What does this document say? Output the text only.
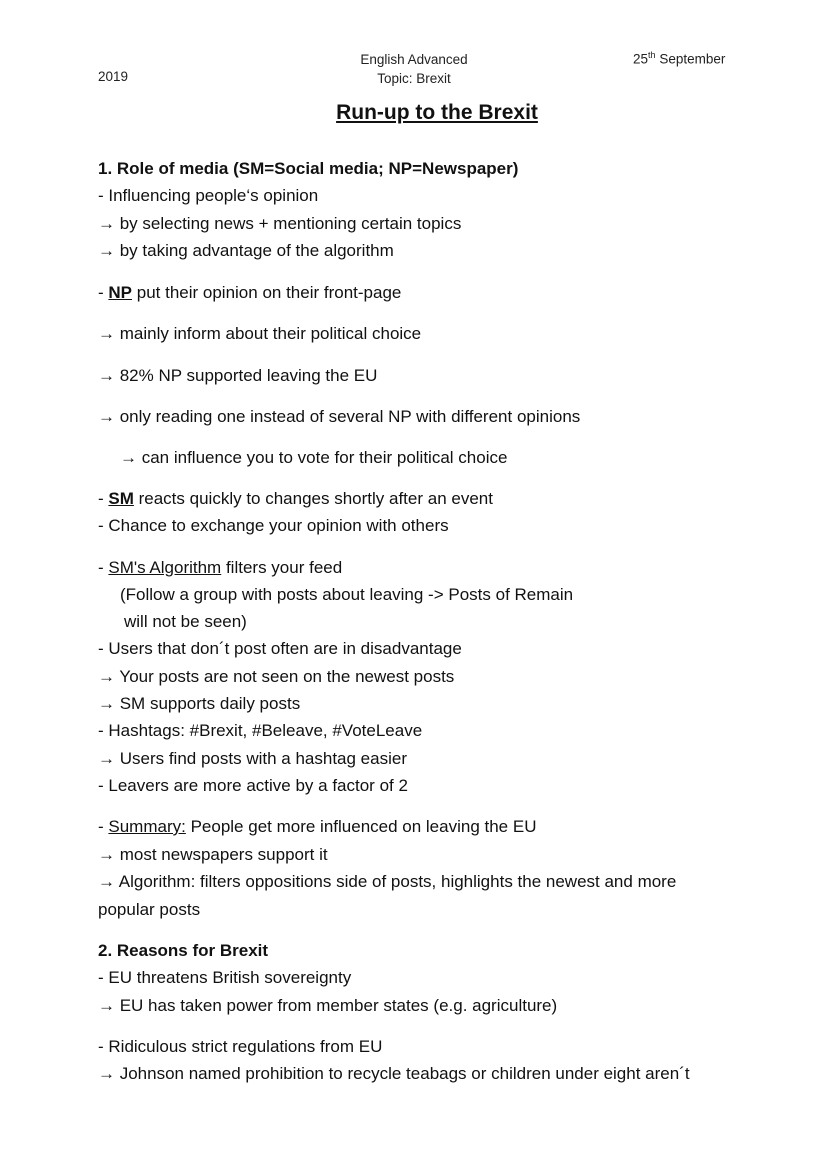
2019
English Advanced
Topic: Brexit
25th September
Run-up to the Brexit
1. Role of media (SM=Social media; NP=Newspaper)
- Influencing people‘s opinion
→ by selecting news + mentioning certain topics
→ by taking advantage of the algorithm
- NP put their opinion on their front-page
→ mainly inform about their political choice
→ 82% NP supported leaving the EU
→ only reading one instead of several NP with different opinions
→ can influence you to vote for their political choice
- SM reacts quickly to changes shortly after an event
- Chance to exchange your opinion with others
- SM's Algorithm filters your feed
(Follow a group with posts about leaving -> Posts of Remain
will not be seen)
- Users that don´t post often are in disadvantage
→ Your posts are not seen on the newest posts
→ SM supports daily posts
- Hashtags: #Brexit, #Beleave, #VoteLeave
→ Users find posts with a hashtag easier
- Leavers are more active by a factor of 2
- Summary: People get more influenced on leaving the EU
→ most newspapers support it
→ Algorithm: filters oppositions side of posts, highlights the newest and more
popular posts
2. Reasons for Brexit
- EU threatens British sovereignty
→ EU has taken power from member states (e.g. agriculture)
- Ridiculous strict regulations from EU
→ Johnson named prohibition to recycle teabags or children under eight aren´t
